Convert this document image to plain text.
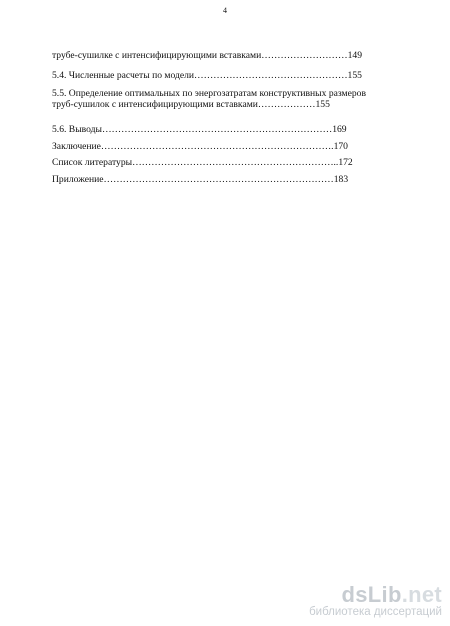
4
трубе-сушилке с интенсифицирующими вставками………………………149
5.4. Численные расчеты по модели…………………………………………155
5.5. Определение оптимальных по энергозатратам конструктивных размеров труб-сушилок с интенсифицирующими вставками………………155
5.6. Выводы………………………………………………………………169
Заключение……………………………………………………………….170
Список литературы………………………………………………………..172
Приложение………………………………………………………………183
dsLib.net
библиотека диссертаций
